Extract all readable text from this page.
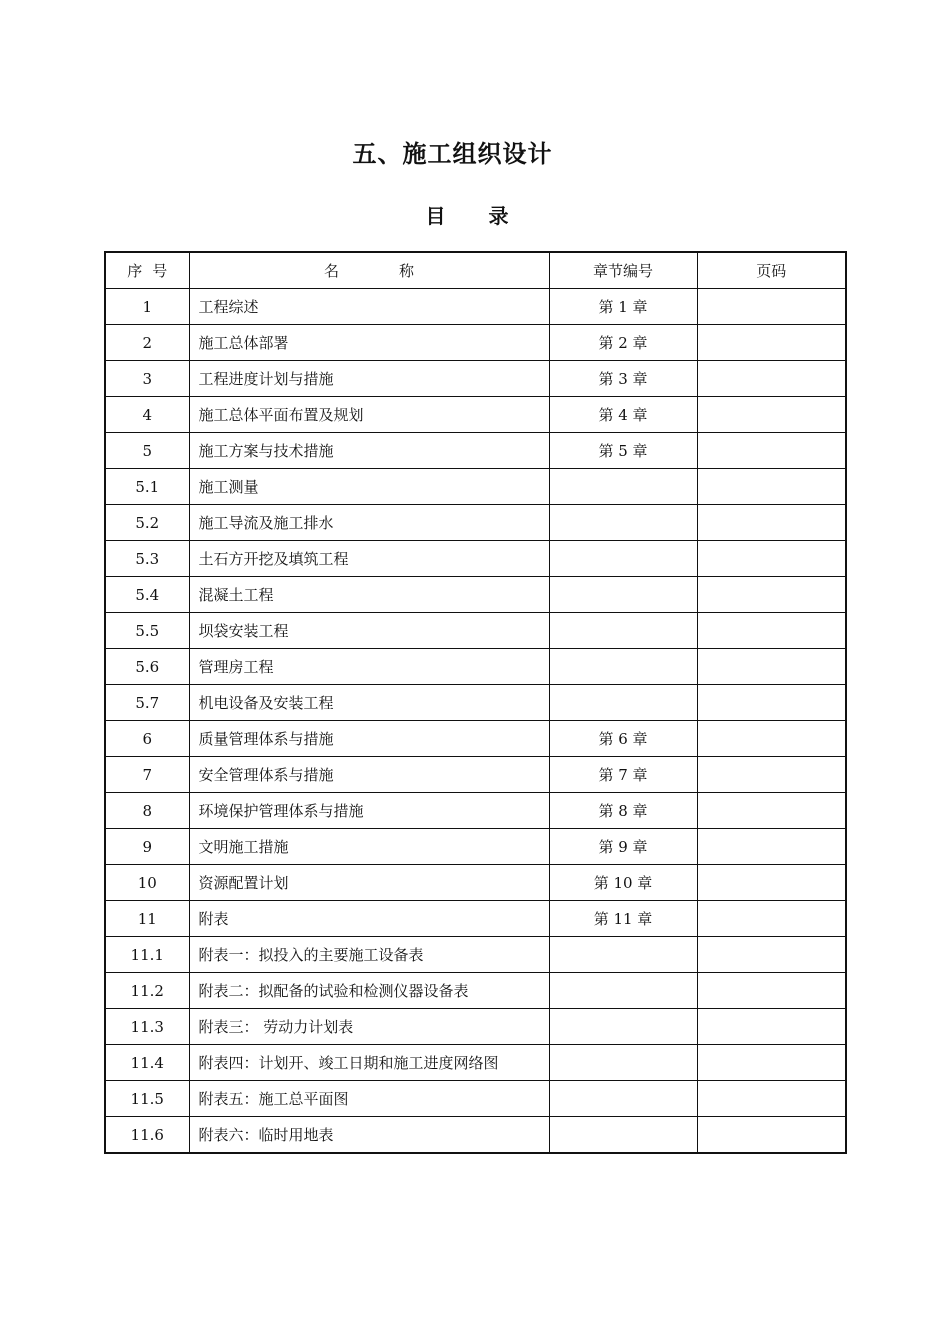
五、施工组织设计
目 录
序号	名称	章节编号	页码
1	工程综述	第 1 章	
2	施工总体部署	第 2 章	
3	工程进度计划与措施	第 3 章	
4	施工总体平面布置及规划	第 4 章	
5	施工方案与技术措施	第 5 章	
5.1	施工测量		
5.2	施工导流及施工排水		
5.3	土石方开挖及填筑工程		
5.4	混凝土工程		
5.5	坝袋安装工程		
5.6	管理房工程		
5.7	机电设备及安装工程		
6	质量管理体系与措施	第 6 章	
7	安全管理体系与措施	第 7 章	
8	环境保护管理体系与措施	第 8 章	
9	文明施工措施	第 9 章	
10	资源配置计划	第 10 章	
11	附表	第 11 章	
11.1	附表一：拟投入的主要施工设备表		
11.2	附表二：拟配备的试验和检测仪器设备表		
11.3	附表三： 劳动力计划表		
11.4	附表四：计划开、竣工日期和施工进度网络图		
11.5	附表五：施工总平面图		
11.6	附表六：临时用地表		
